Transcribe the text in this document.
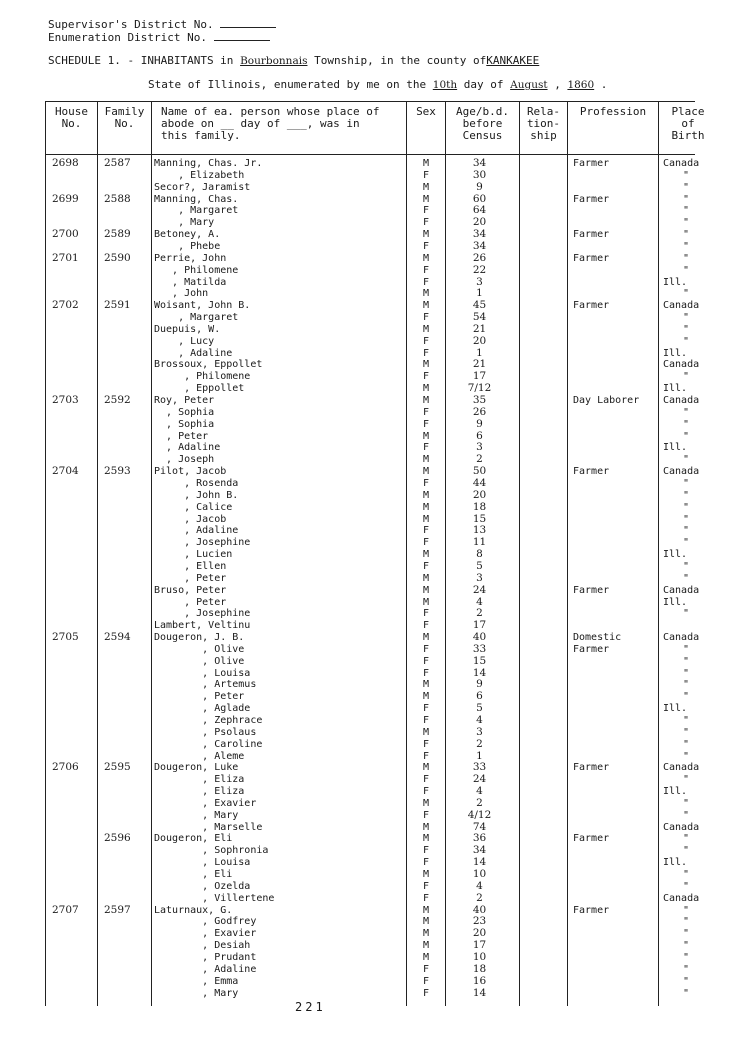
Supervisor's District No.
Enumeration District No.
SCHEDULE 1. - INHABITANTS in Bourbonnais Township, in the county ofKANKAKEE
State of Illinois, enumerated by me on the 10th day of August , 1860 .
House
No.
Family
No.
Name of ea. person whose place of
abode on __ day of ___, was in
this family.
Sex	Age/b.d.
before
Census
Rela-
tion-
ship
Profession	Place
of
Birth
2698	2587	Manning, Chas. Jr.	M	34	Farmer	Canada
, Elizabeth	F	30	"
Secor?, Jaramist	M	9	"
2699	2588	Manning, Chas.	M	60	Farmer	"
, Margaret	F	64	"
, Mary	F	20	"
2700	2589	Betoney, A.	M	34	Farmer	"
, Phebe	F	34	"
2701	2590	Perrie, John	M	26	Farmer	"
, Philomene	F	22	"
, Matilda	F	3	Ill.
, John	M	1	"
2702	2591	Woisant, John B.	M	45	Farmer	Canada
, Margaret	F	54	"
Duepuis, W.	M	21	"
, Lucy	F	20	"
, Adaline	F	1	Ill.
Brossoux, Eppollet	M	21	Canada
, Philomene	F	17	"
, Eppollet	M	7/12	Ill.
2703	2592	Roy, Peter	M	35	Day Laborer	Canada
, Sophia	F	26	"
, Sophia	F	9	"
, Peter	M	6	"
, Adaline	F	3	Ill.
, Joseph	M	2	"
2704	2593	Pilot, Jacob	M	50	Farmer	Canada
, Rosenda	F	44	"
, John B.	M	20	"
, Calice	M	18	"
, Jacob	M	15	"
, Adaline	F	13	"
, Josephine	F	11	"
, Lucien	M	8	Ill.
, Ellen	F	5	"
, Peter	M	3	"
Bruso, Peter	M	24	Farmer	Canada
, Peter	M	4	Ill.
, Josephine	F	2	"
Lambert, Veltinu	F	17
2705	2594	Dougeron, J. B.	M	40	Domestic	Canada
Farmer
, Olive	F	33	"
, Olive	F	15	"
, Louisa	F	14	"
, Artemus	M	9	"
, Peter	M	6	"
, Aglade	F	5	Ill.
, Zephrace	F	4	"
, Psolaus	M	3	"
, Caroline	F	2	"
, Aleme	F	1	"
2706	2595	Dougeron, Luke	M	33	Farmer	Canada
, Eliza	F	24	"
, Eliza	F	4	Ill.
, Exavier	M	2	"
, Mary	F	4/12	"
, Marselle	M	74	Canada
2596	Dougeron, Eli	M	36	Farmer	"
, Sophronia	F	34	"
, Louisa	F	14	Ill.
, Eli	M	10	"
, Ozelda	F	4	"
, Villertene	F	2	Canada
2707	2597	Laturnaux, G.	M	40	Farmer	"
, Godfrey	M	23	"
, Exavier	M	20	"
, Desiah	M	17	"
, Prudant	M	10	"
, Adaline	F	18	"
, Emma	F	16	"
, Mary	F	14	"
221
